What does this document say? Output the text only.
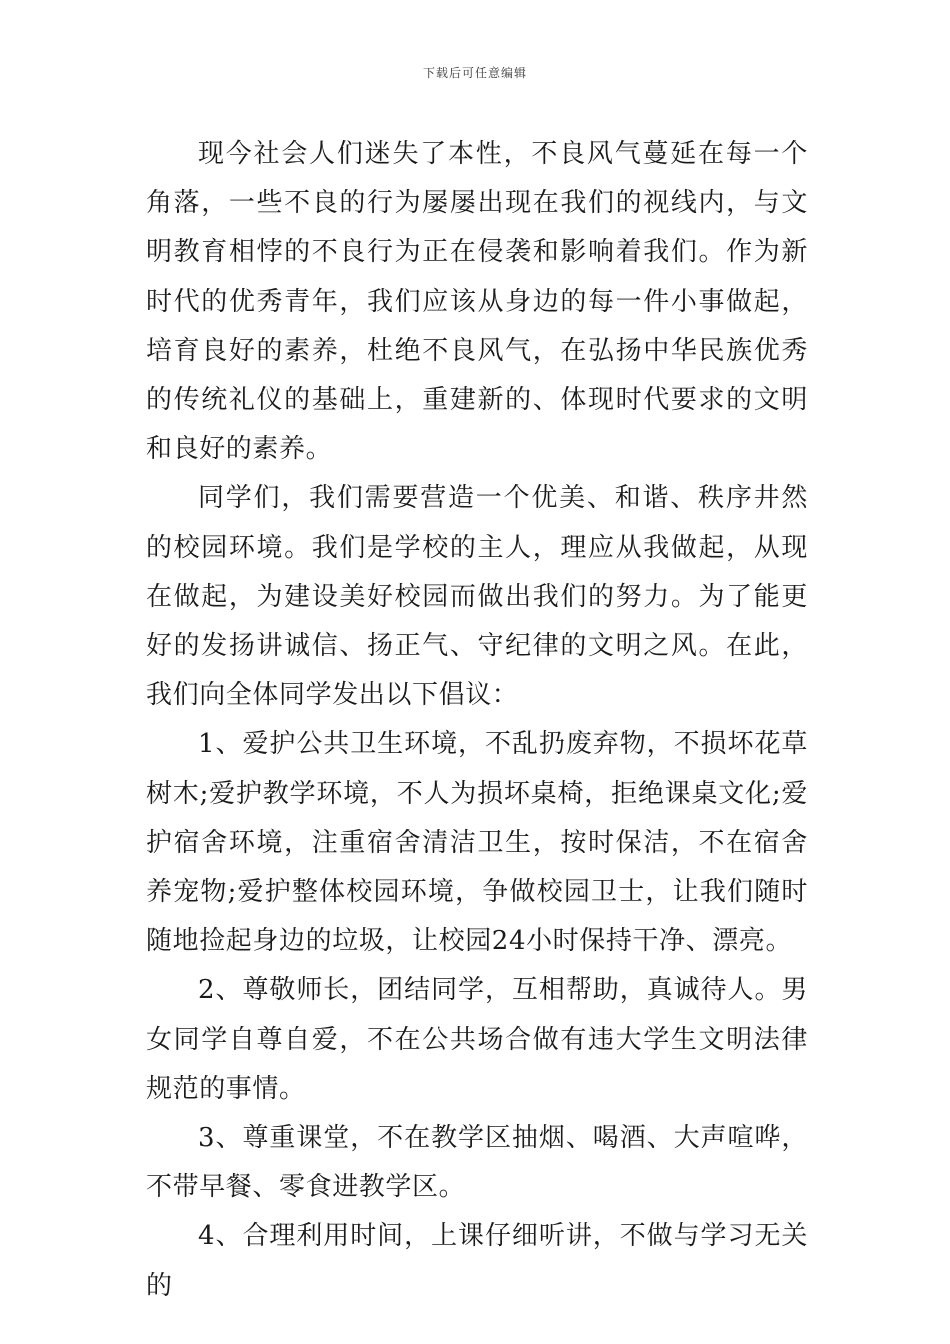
下载后可任意编辑

现今社会人们迷失了本性，不良风气蔓延在每一个角落，一些不良的行为屡屡出现在我们的视线内，与文明教育相悖的不良行为正在侵袭和影响着我们。作为新时代的优秀青年，我们应该从身边的每一件小事做起，培育良好的素养，杜绝不良风气，在弘扬中华民族优秀的传统礼仪的基础上，重建新的、体现时代要求的文明和良好的素养。

同学们，我们需要营造一个优美、和谐、秩序井然的校园环境。我们是学校的主人，理应从我做起，从现在做起，为建设美好校园而做出我们的努力。为了能更好的发扬讲诚信、扬正气、守纪律的文明之风。在此，我们向全体同学发出以下倡议：

1、爱护公共卫生环境，不乱扔废弃物，不损坏花草树木;爱护教学环境，不人为损坏桌椅，拒绝课桌文化;爱护宿舍环境，注重宿舍清洁卫生，按时保洁，不在宿舍养宠物;爱护整体校园环境，争做校园卫士，让我们随时随地捡起身边的垃圾，让校园24小时保持干净、漂亮。

2、尊敬师长，团结同学，互相帮助，真诚待人。男女同学自尊自爱，不在公共场合做有违大学生文明法律规范的事情。

3、尊重课堂，不在教学区抽烟、喝酒、大声喧哗，不带早餐、零食进教学区。

4、合理利用时间，上课仔细听讲，不做与学习无关的
